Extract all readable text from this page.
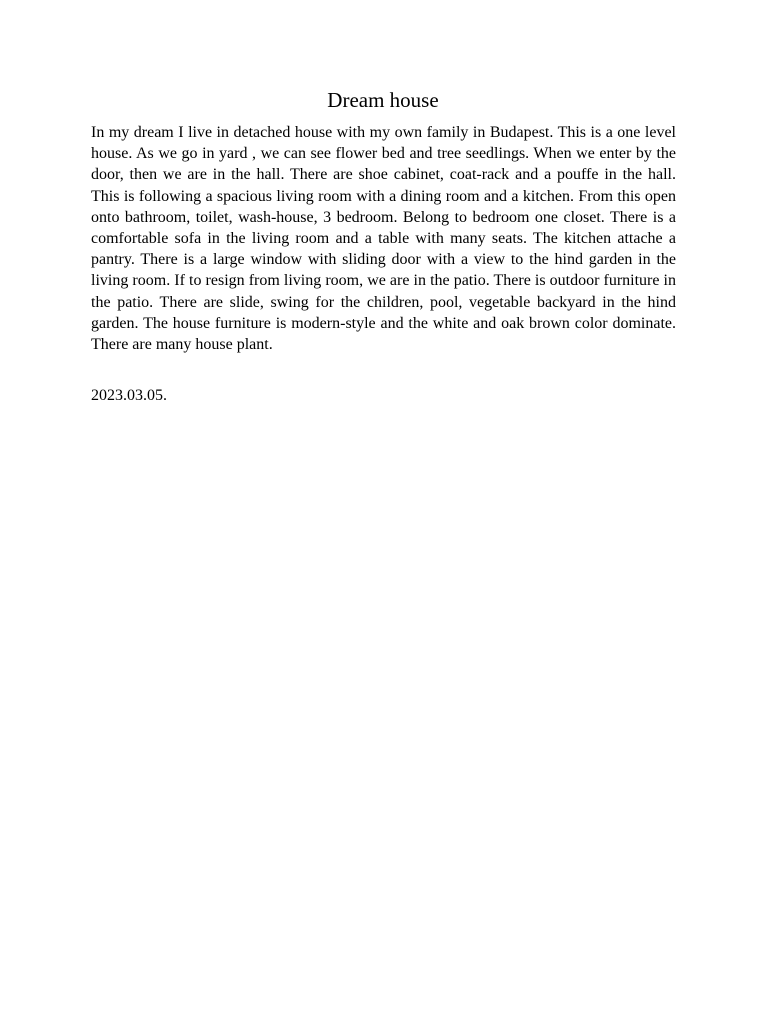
Dream house

In my dream I live in detached house with my own family in Budapest. This is a one level house. As we go in yard , we can see flower bed and tree seedlings. When we enter by the door, then we are in the hall. There are shoe cabinet, coat-rack and a pouffe in the hall. This is following a spacious living room with a dining room and a kitchen. From this open onto bathroom, toilet, wash-house, 3 bedroom. Belong to bedroom one closet. There is a comfortable sofa in the living room and a table with many seats. The kitchen attache a pantry. There is a large window with sliding door with a view to the hind garden in the living room. If to resign from living room, we are in the patio. There is outdoor furniture in the patio. There are slide, swing for the children, pool, vegetable backyard in the hind garden. The house furniture is modern-style and the white and oak brown color dominate. There are many house plant.

2023.03.05.
